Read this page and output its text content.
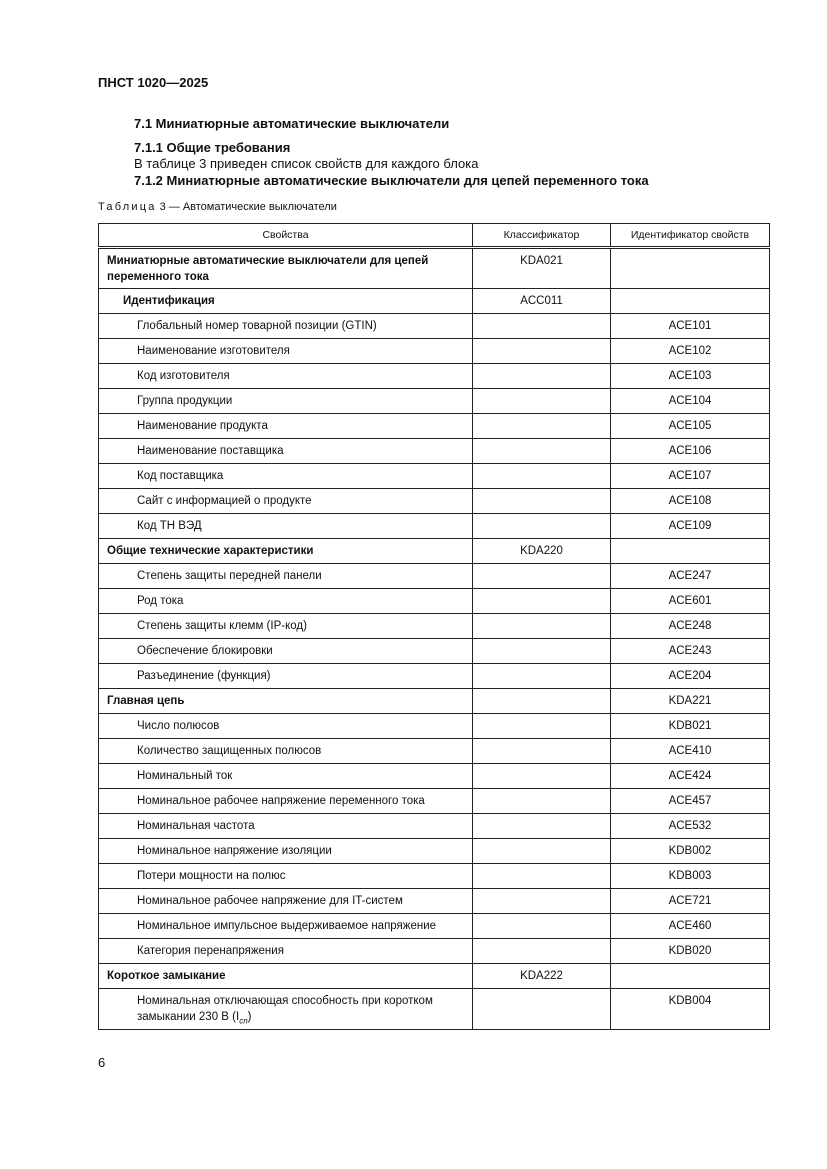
ПНСТ 1020—2025
7.1 Миниатюрные автоматические выключатели
7.1.1 Общие требования
В таблице 3 приведен список свойств для каждого блока
7.1.2 Миниатюрные автоматические выключатели для цепей переменного тока
Таблица 3 — Автоматические выключатели
Свойства	Классификатор	Идентификатор свойств
Миниатюрные автоматические выключатели для цепей переменного тока	KDA021	
Идентификация	ACC011	
Глобальный номер товарной позиции (GTIN)		ACE101
Наименование изготовителя		ACE102
Код изготовителя		ACE103
Группа продукции		ACE104
Наименование продукта		ACE105
Наименование поставщика		ACE106
Код поставщика		ACE107
Сайт с информацией о продукте		ACE108
Код ТН ВЭД		ACE109
Общие технические характеристики	KDA220	
Степень защиты передней панели		ACE247
Род тока		ACE601
Степень защиты клемм (IP-код)		ACE248
Обеспечение блокировки		ACE243
Разъединение (функция)		ACE204
Главная цепь		KDA221
Число полюсов		KDB021
Количество защищенных полюсов		ACE410
Номинальный ток		ACE424
Номинальное рабочее напряжение переменного тока		ACE457
Номинальная частота		ACE532
Номинальное напряжение изоляции		KDB002
Потери мощности на полюс		KDB003
Номинальное рабочее напряжение для IT-систем		ACE721
Номинальное импульсное выдерживаемое напряжение		ACE460
Категория перенапряжения		KDB020
Короткое замыкание	KDA222	
Номинальная отключающая способность при коротком замыкании 230 В $(I_{cn})$		KDB004
6
